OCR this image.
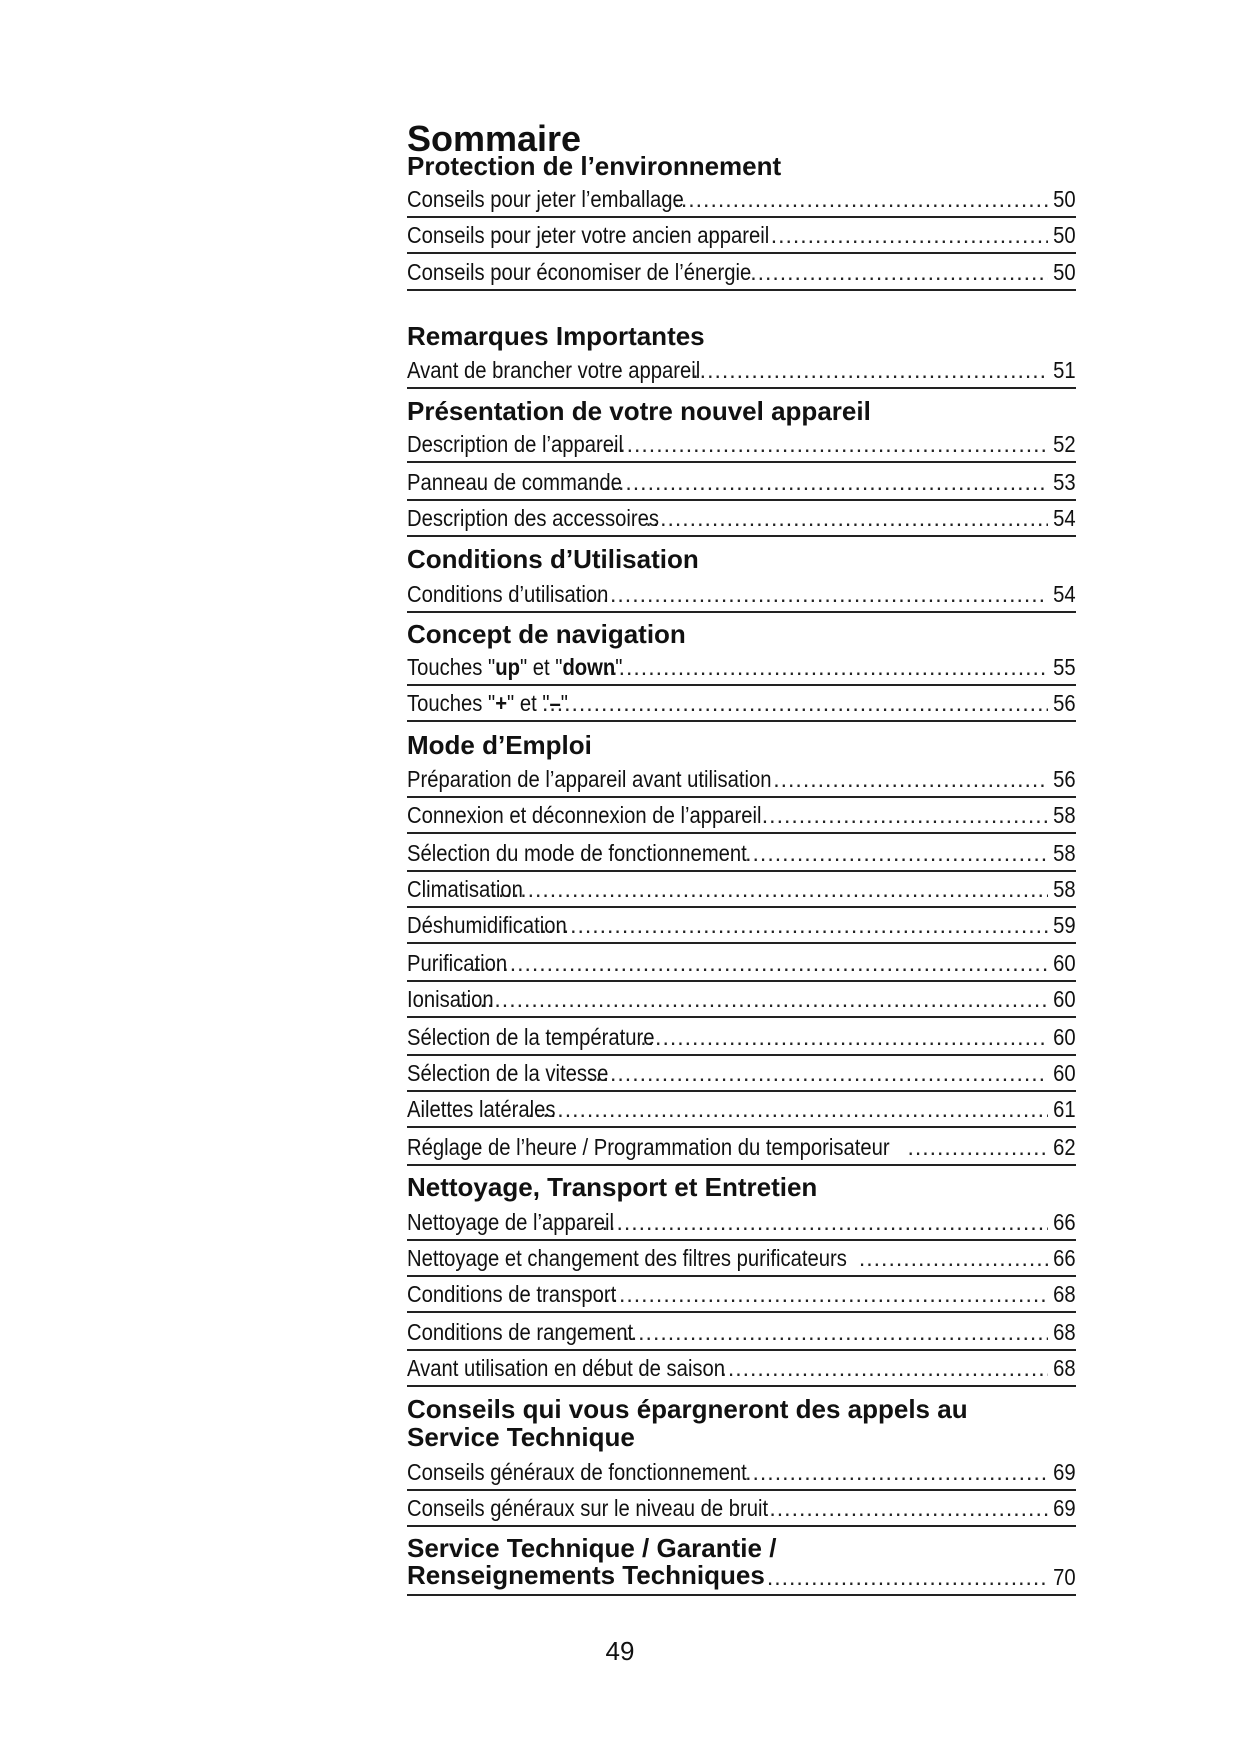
Sommaire
Protection de l’environnement
Conseils pour jeter l’emballage .....	50
Conseils pour jeter votre ancien appareil .....	50
Conseils pour économiser de l’énergie .....	50
Remarques Importantes
Avant de brancher votre appareil .....	51
Présentation de votre nouvel appareil
Description de l’appareil .....	52
Panneau de commande .....	53
Description des accessoires .....	54
Conditions d’Utilisation
Conditions d’utilisation .....	54
Concept de navigation
Touches "up" et "down" .....	55
Touches "+" et "–" .....	56
Mode d’Emploi
Préparation de l’appareil avant utilisation .....	56
Connexion et déconnexion de l’appareil .....	58
Sélection du mode de fonctionnement .....	58
Climatisation .....	58
Déshumidification .....	59
Purification .....	60
Ionisation .....	60
Sélection de la température .....	60
Sélection de la vitesse .....	60
Ailettes latérales .....	61
Réglage de l’heure / Programmation du temporisateur .....	62
Nettoyage, Transport et Entretien
Nettoyage de l’appareil .....	66
Nettoyage et changement des filtres purificateurs .....	66
Conditions de transport .....	68
Conditions de rangement .....	68
Avant utilisation en début de saison .....	68
Conseils qui vous épargneront des appels au
Service Technique
Conseils généraux de fonctionnement .....	69
Conseils généraux sur le niveau de bruit .....	69
Service Technique / Garantie /
Renseignements Techniques .....	70
49
